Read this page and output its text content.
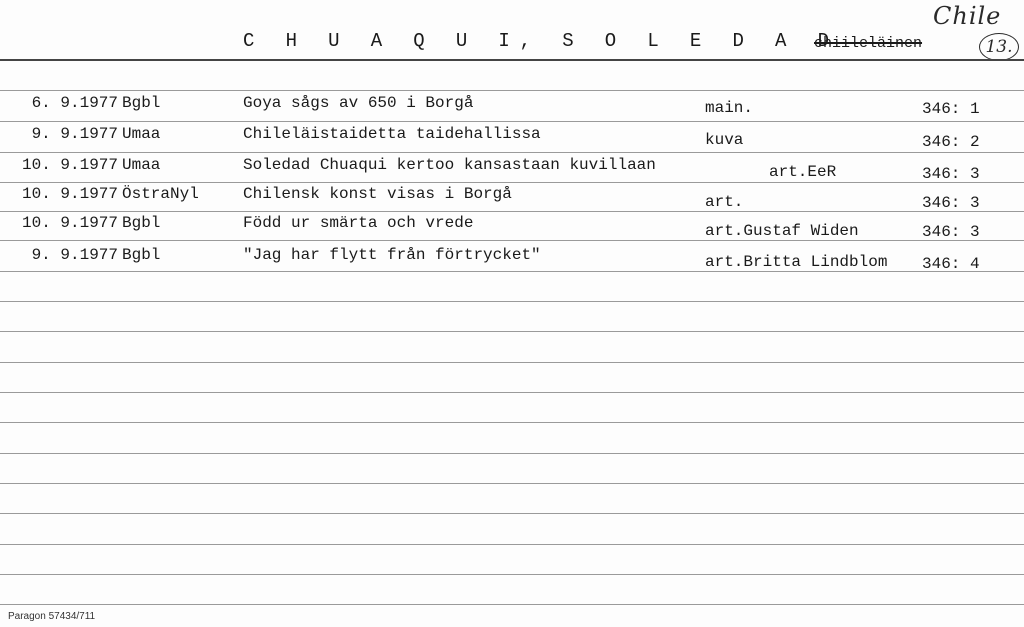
C H U A Q U I, S O L E D A D
chiileläinen
Chile
13.
6. 9.1977 Bgbl	Goya sågs av 650 i Borgå	main.	346: 1
9. 9.1977 Umaa	Chileläistaidetta taidehallissa	kuva	346: 2
10. 9.1977 Umaa	Soledad Chuaqui kertoo kansastaan kuvillaan	art.EeR	346: 3
10. 9.1977 ÖstraNyl	Chilensk konst visas i Borgå	art.	346: 3
10. 9.1977 Bgbl	Född ur smärta och vrede	art.Gustaf Widen	346: 3
9. 9.1977 Bgbl	"Jag har flytt från förtrycket"	art.Britta Lindblom 346: 4
Paragon 57434/711
